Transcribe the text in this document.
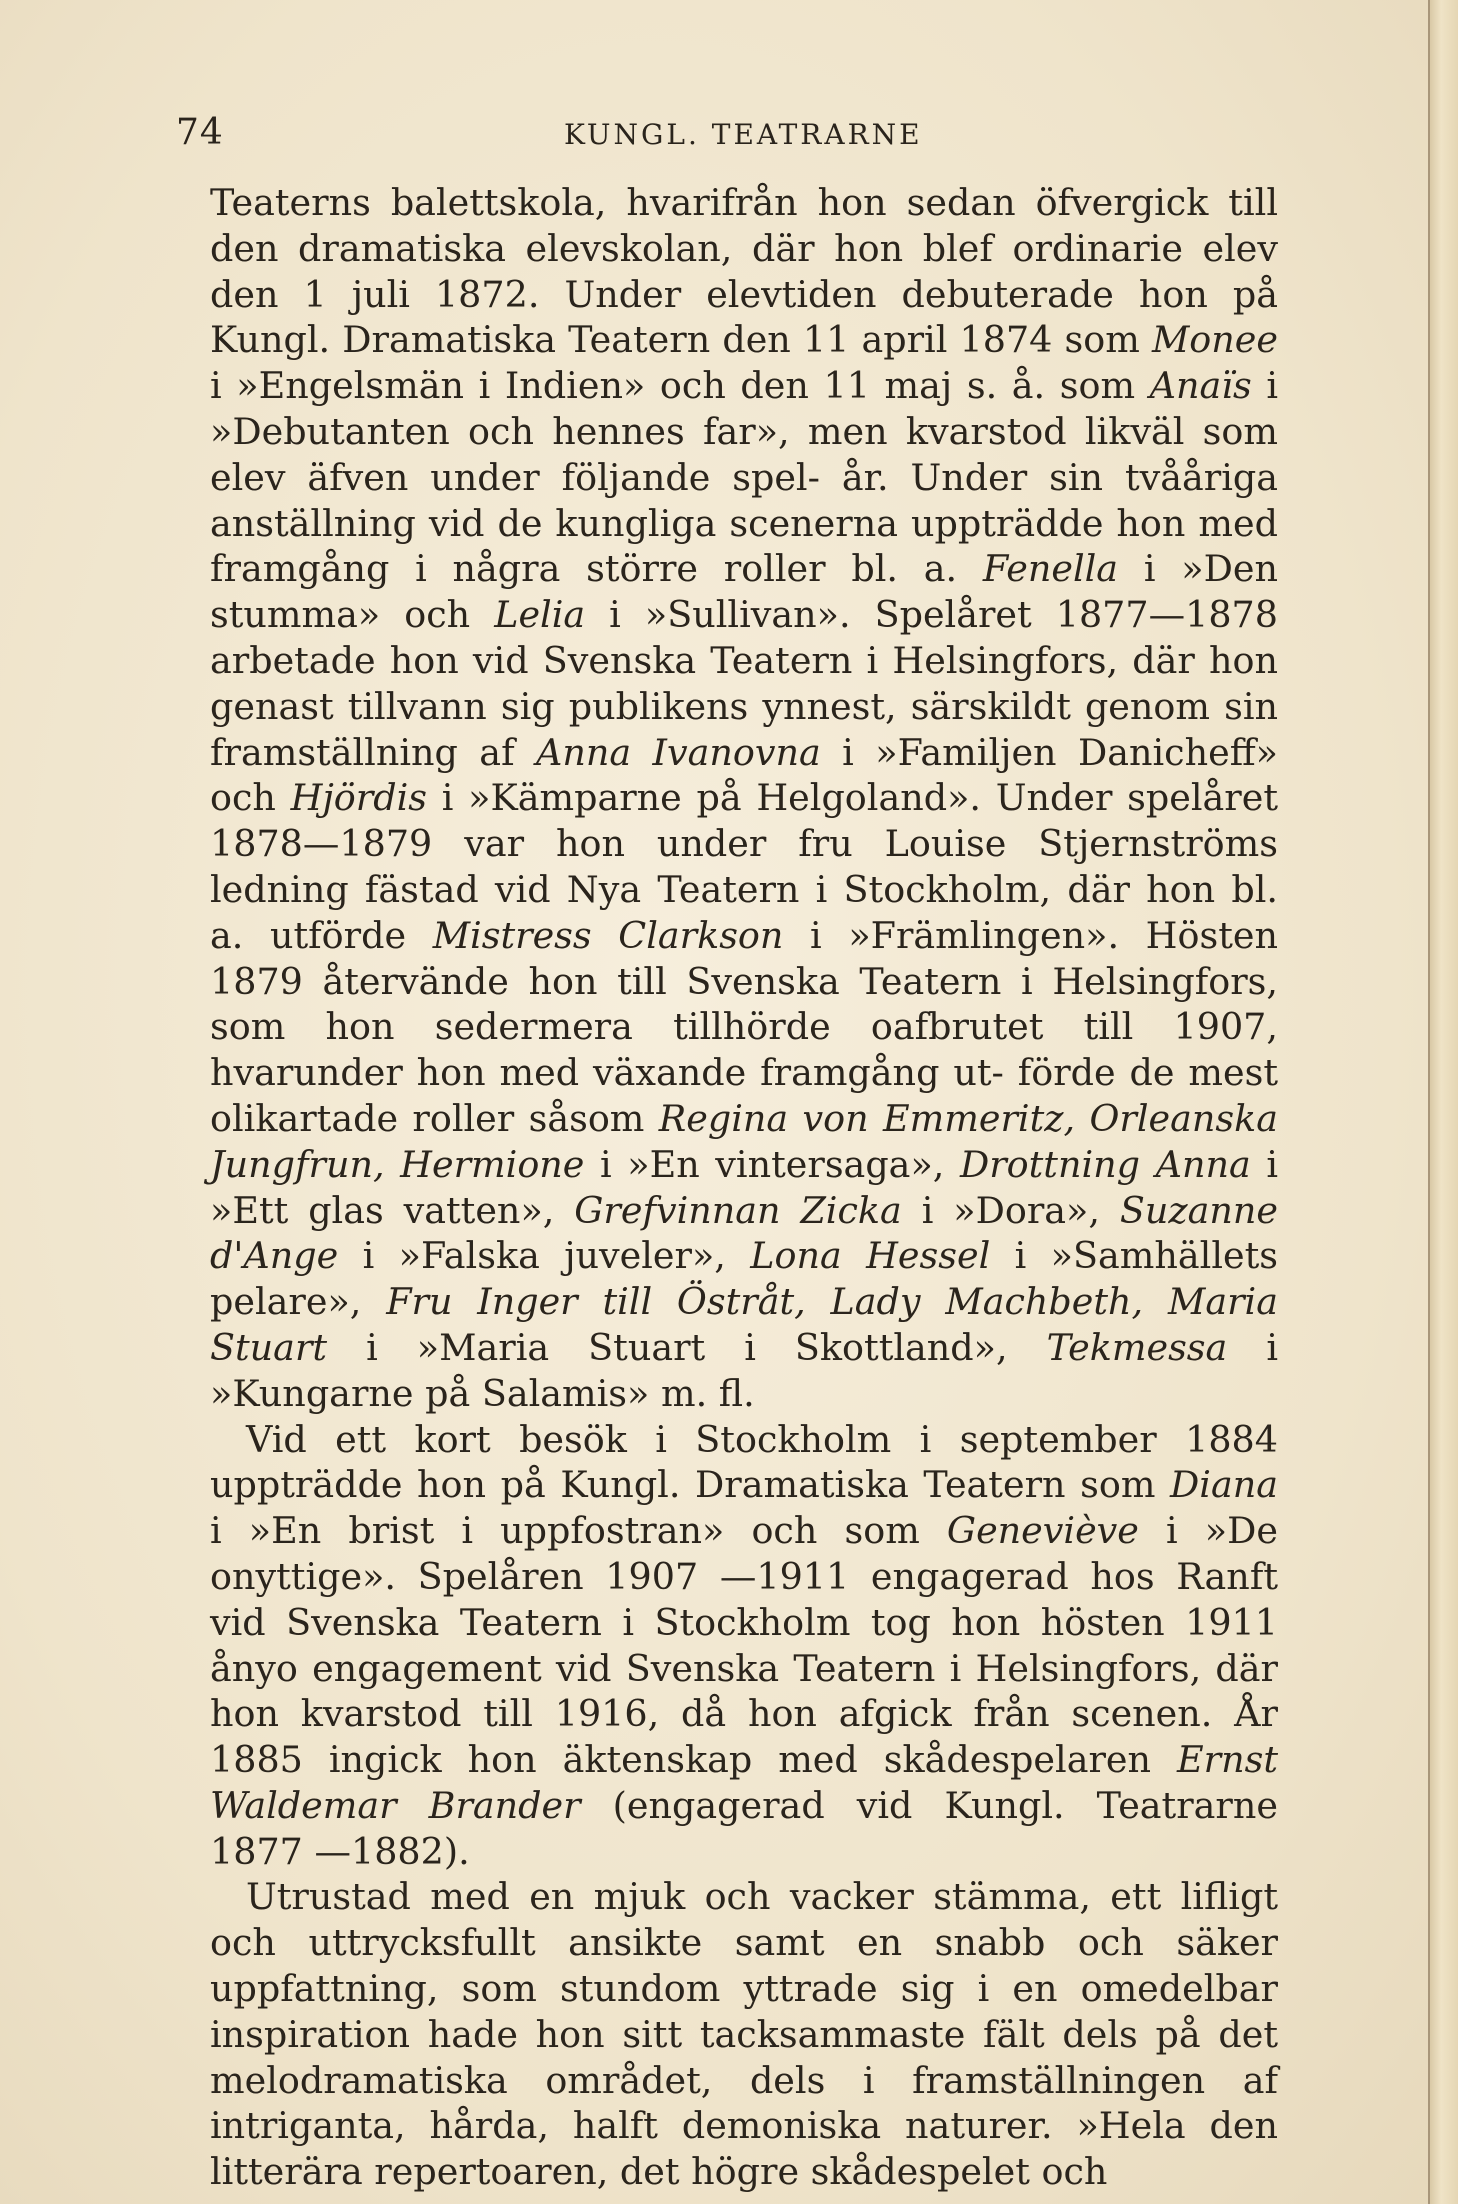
74	KUNGL. TEATRARNE

Teaterns balettskola, hvarifrån hon sedan öfvergick till den dramatiska elevskolan, där hon blef ordinarie elev den 1 juli 1872. Under elevtiden debuterade hon på Kungl. Dramatiska Teatern den 11 april 1874 som Monee i »Engelsmän i Indien» och den 11 maj s. å. som Anaïs i »Debutanten och hennes far», men kvarstod likväl som elev äfven under följande spel- år. Under sin tvååriga anställning vid de kungliga scenerna uppträdde hon med framgång i några större roller bl. a. Fenella i »Den stumma» och Lelia i »Sullivan». Spelåret 1877—1878 arbetade hon vid Svenska Teatern i Helsingfors, där hon genast tillvann sig publikens ynnest, särskildt genom sin framställning af Anna Ivanovna i »Familjen Danicheff» och Hjördis i »Kämparne på Helgoland». Under spelåret 1878—1879 var hon under fru Louise Stjernströms ledning fästad vid Nya Teatern i Stockholm, där hon bl. a. utförde Mistress Clarkson i »Främlingen». Hösten 1879 återvände hon till Svenska Teatern i Helsingfors, som hon sedermera tillhörde oafbrutet till 1907, hvarunder hon med växande framgång ut- förde de mest olikartade roller såsom Regina von Emmeritz, Orleanska Jungfrun, Hermione i »En vintersaga», Drottning Anna i »Ett glas vatten», Grefvinnan Zicka i »Dora», Suzanne d'Ange i »Falska juveler», Lona Hessel i »Samhällets pelare», Fru Inger till Östråt, Lady Machbeth, Maria Stuart i »Maria Stuart i Skottland», Tekmessa i »Kungarne på Salamis» m. fl.

Vid ett kort besök i Stockholm i september 1884 uppträdde hon på Kungl. Dramatiska Teatern som Diana i »En brist i uppfostran» och som Geneviève i »De onyttige». Spelåren 1907 —1911 engagerad hos Ranft vid Svenska Teatern i Stockholm tog hon hösten 1911 ånyo engagement vid Svenska Teatern i Helsingfors, där hon kvarstod till 1916, då hon afgick från scenen. År 1885 ingick hon äktenskap med skådespelaren Ernst Waldemar Brander (engagerad vid Kungl. Teatrarne 1877 —1882).

Utrustad med en mjuk och vacker stämma, ett lifligt och uttrycksfullt ansikte samt en snabb och säker uppfattning, som stundom yttrade sig i en omedelbar inspiration hade hon sitt tacksammaste fält dels på det melodramatiska området, dels i framställningen af intriganta, hårda, halft demoniska naturer. »Hela den litterära repertoaren, det högre skådespelet och
